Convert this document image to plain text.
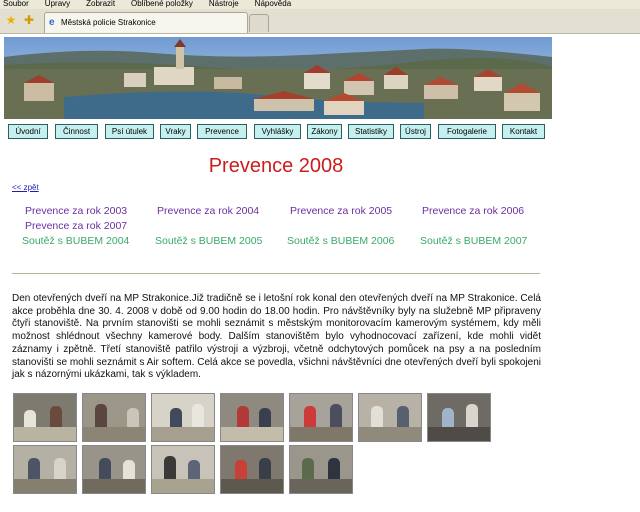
Soubor Úpravy Zobrazit Oblíbené položky Nástroje Nápověda
★ ✚	e Městská policie Strakonice
Úvodní	Činnost	Psí útulek	Vraky	Prevence	Vyhlášky	Zákony	Statistiky	Ústroj	Fotogalerie	Kontakt
Prevence 2008
<< zpět
Prevence za rok 2003	Prevence za rok 2004	Prevence za rok 2005	Prevence za rok 2006
Prevence za rok 2007
Soutěž s BUBEM 2004 Soutěž s BUBEM 2005 Soutěž s BUBEM 2006 Soutěž s BUBEM 2007
Den otevřených dveří na MP Strakonice.Již tradičně se i letošní rok konal den otevřených dveří na MP Strakonice. Celá akce proběhla dne 30. 4. 2008 v době od 9.00 hodin do 18.00 hodin. Pro návštěvníky byly na služebně MP připraveny čtyři stanoviště. Na prvním stanovišti se mohli seznámit s městským monitorovacím kamerovým systémem, kdy měli možnost shlédnout všechny kamerové body. Dalším stanovištěm bylo vyhodnocovací zařízení, kde mohli vidět záznamy i zpětně. Třetí stanoviště patřilo výstroji a výzbroji, včetně odchytových pomůcek na psy a na posledním stanovišti se mohli seznámit s Air softem. Celá akce se povedla, všichni návštěvníci dne otevřených dveří byli spokojeni jak s názornými ukázkami, tak s výkladem.
